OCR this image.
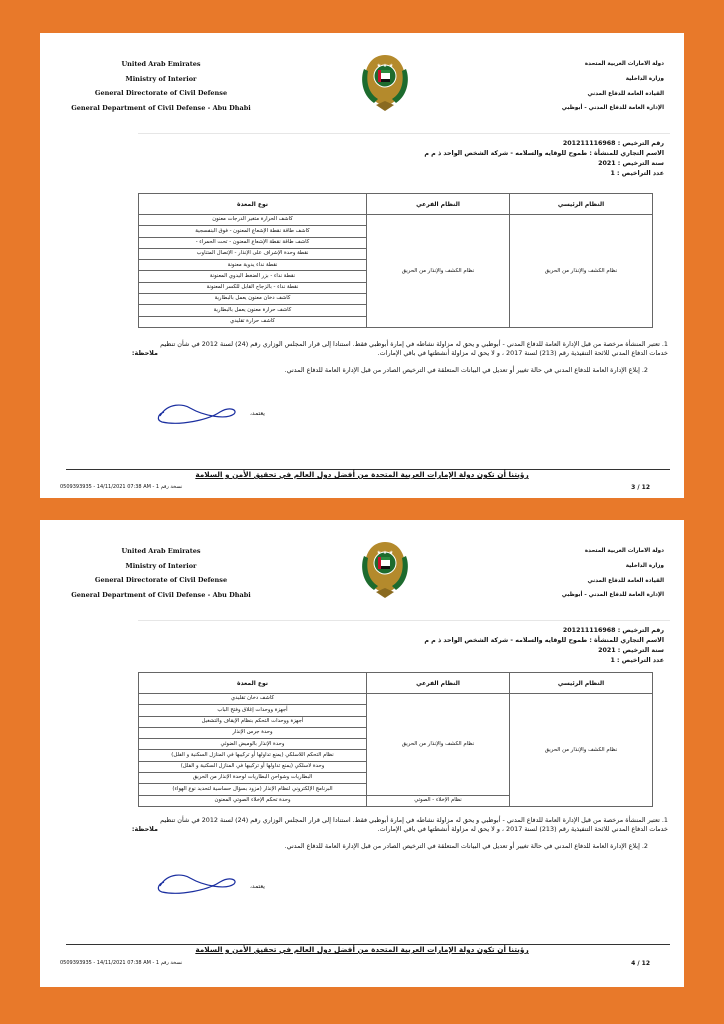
United Arab Emirates
Ministry of Interior
General Directorate of Civil Defense
General Department of Civil Defense - Abu Dhabi
★ ★ ★	دولة الامارات العربية المتحدة
وزارة الداخلية
القيادة العامة للدفاع المدني
الإدارة العامة للدفاع المدني - أبوظبي
رقم الترخيص : 201211116968
الاسم التجاري للمنشأة : طموح للوقايه والسلامه - شركة الشخص الواحد ذ م م
سنة الترخيص : 2021
عدد التراخيص : 1
النظام الرئيسي	النظام الفرعي	نوع المعدة
نظام الكشف والإنذار من الحريق	نظام الكشف والإنذار من الحريق	كاشف الحرارة متغير الدرجات معنون
		كاشف طاقة نقطة الإشعاع المعنون - فوق البنفسجية
		كاشف طاقة نقطة الإشعاع المعنون - تحت الحمراء -
		نقطة وحدة الإشراف على الإنذار - الإتصال المتناوب
		نقطة نداء يدوية معنونة
		نقطة نداء - بزر الضغط اليدوي المعنونة
		نقطة نداء - بالزجاج القابل للكسر المعنونة
		كاشف دخان معنون يعمل بالبطارية
		كاشف حرارة معنون يعمل بالبطارية
		كاشف حرارة تقليدي
1. تعتبر المنشأة مرخصة من قبل الإدارة العامة للدفاع المدني - أبوظبي و يحق له مزاولة نشاطه في إمارة أبوظبي فقط. استنادا إلى قرار المجلس الوزاري رقم (24) لسنة 2012 في شأن تنظيم خدمات الدفاع المدني للائحة التنفيذية رقم (213) لسنة 2017 ، و لا يحق له مزاولة أنشطتها في باقي الإمارات.
ملاحظة:
2. إبلاغ الإدارة العامة للدفاع المدني في حالة تغيير أو تعديل في البيانات المتعلقة في الترخيص الصادر من قبل الإدارة العامة للدفاع المدني.
يعتمد،
رؤيتنا أن تكون دولة الإمارات العربية المتحدة من أفضل دول العالم في تحقيق الأمن و السلامة
0509393935 - 14/11/2021 07:38 AM - نسخة رقم 1	3 / 12
United Arab Emirates
Ministry of Interior
General Directorate of Civil Defense
General Department of Civil Defense - Abu Dhabi
★ ★ ★	دولة الامارات العربية المتحدة
وزارة الداخلية
القيادة العامة للدفاع المدني
الإدارة العامة للدفاع المدني - أبوظبي
رقم الترخيص : 201211116968
الاسم التجاري للمنشأة : طموح للوقايه والسلامه - شركة الشخص الواحد ذ م م
سنة الترخيص : 2021
عدد التراخيص : 1
النظام الرئيسي	النظام الفرعي	نوع المعدة
نظام الكشف والإنذار من الحريق	نظام الكشف والإنذار من الحريق	كاشف دخان تقليدي
		أجهزة ووحدات إغلاق وفتح الباب
		أجهزة ووحدات التحكم بنظام الإيقاف والتشغيل
		وحدة جرس الإنذار
		وحدة الإنذار بالوميض الضوئي
		نظام التحكم اللاسلكي (يمنع تداولها أو تركيبها في المنازل السكنية و الفلل)
		وحدة لاسلكي (يمنع تداولها أو تركيبها في المنازل السكنية و الفلل)
		البطاريات وشواحن البطاريات لوحدة الإنذار من الحريق
		البرنامج الإلكتروني لنظام الإنذار (مزود بسؤال حساسية لتحديد نوع الهواء)
	نظام الإخلاء - الصوتي	وحدة تحكم الإخلاء الصوتي المعنون
1. تعتبر المنشأة مرخصة من قبل الإدارة العامة للدفاع المدني - أبوظبي و يحق له مزاولة نشاطه في إمارة أبوظبي فقط. استنادا إلى قرار المجلس الوزاري رقم (24) لسنة 2012 في شأن تنظيم خدمات الدفاع المدني للائحة التنفيذية رقم (213) لسنة 2017 ، و لا يحق له مزاولة أنشطتها في باقي الإمارات.
ملاحظة:
2. إبلاغ الإدارة العامة للدفاع المدني في حالة تغيير أو تعديل في البيانات المتعلقة في الترخيص الصادر من قبل الإدارة العامة للدفاع المدني.
يعتمد،
رؤيتنا أن تكون دولة الإمارات العربية المتحدة من أفضل دول العالم في تحقيق الأمن و السلامة
0509393935 - 14/11/2021 07:38 AM - نسخة رقم 1	4 / 12
